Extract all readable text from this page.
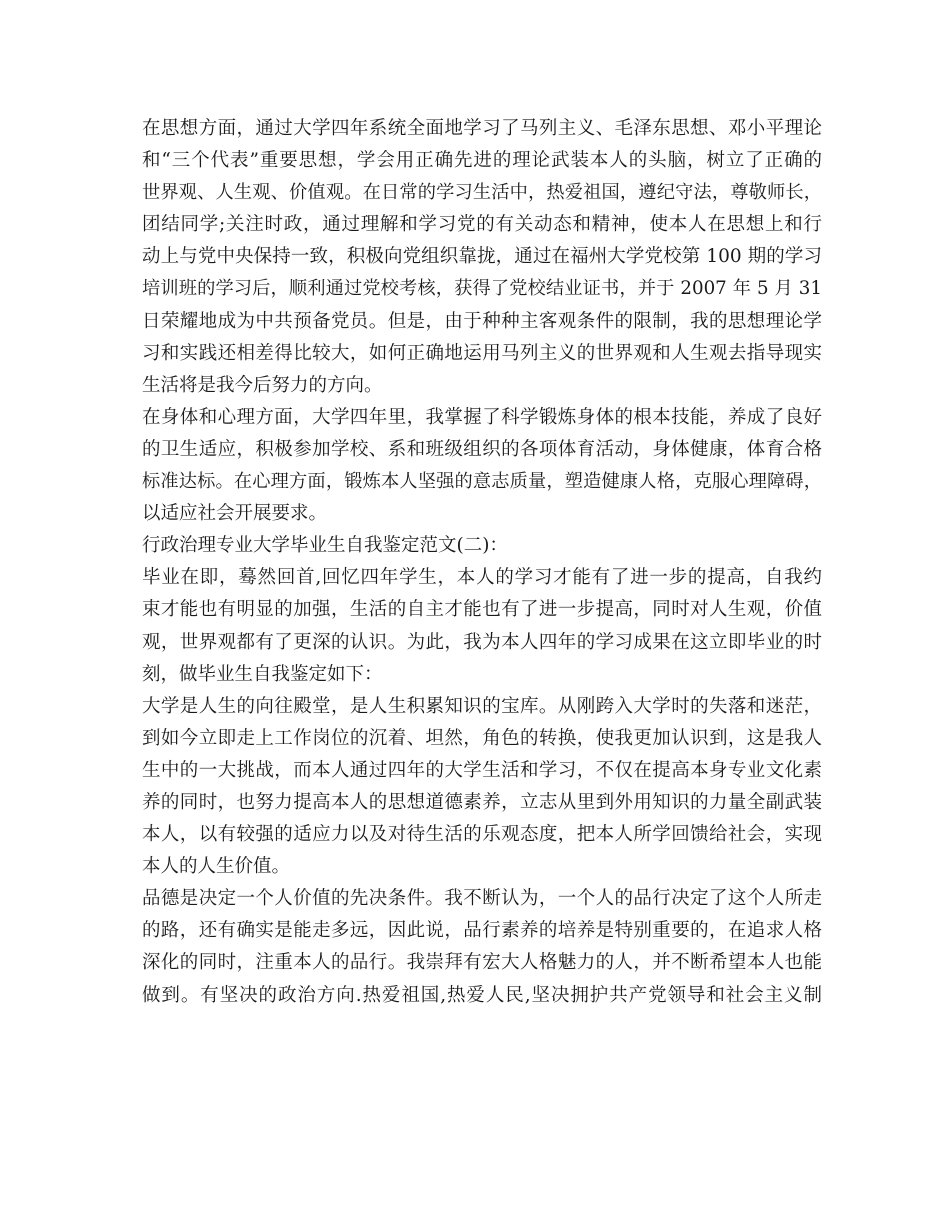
在思想方面，通过大学四年系统全面地学习了马列主义、毛泽东思想、邓小平理论
和“三个代表”重要思想，学会用正确先进的理论武装本人的头脑，树立了正确的
世界观、人生观、价值观。在日常的学习生活中，热爱祖国，遵纪守法，尊敬师长，
团结同学;关注时政，通过理解和学习党的有关动态和精神，使本人在思想上和行
动上与党中央保持一致，积极向党组织靠拢，通过在福州大学党校第 100 期的学习
培训班的学习后，顺利通过党校考核，获得了党校结业证书，并于 2007 年 5 月 31
日荣耀地成为中共预备党员。但是，由于种种主客观条件的限制，我的思想理论学
习和实践还相差得比较大，如何正确地运用马列主义的世界观和人生观去指导现实
生活将是我今后努力的方向。
在身体和心理方面，大学四年里，我掌握了科学锻炼身体的根本技能，养成了良好
的卫生适应，积极参加学校、系和班级组织的各项体育活动，身体健康，体育合格
标准达标。在心理方面，锻炼本人坚强的意志质量，塑造健康人格，克服心理障碍，
以适应社会开展要求。
行政治理专业大学毕业生自我鉴定范文(二)：
毕业在即，蓦然回首,回忆四年学生，本人的学习才能有了进一步的提高，自我约
束才能也有明显的加强，生活的自主才能也有了进一步提高，同时对人生观，价值
观，世界观都有了更深的认识。为此，我为本人四年的学习成果在这立即毕业的时
刻，做毕业生自我鉴定如下：
大学是人生的向往殿堂，是人生积累知识的宝库。从刚跨入大学时的失落和迷茫，
到如今立即走上工作岗位的沉着、坦然，角色的转换，使我更加认识到，这是我人
生中的一大挑战，而本人通过四年的大学生活和学习，不仅在提高本身专业文化素
养的同时，也努力提高本人的思想道德素养，立志从里到外用知识的力量全副武装
本人，以有较强的适应力以及对待生活的乐观态度，把本人所学回馈给社会，实现
本人的人生价值。
品德是决定一个人价值的先决条件。我不断认为，一个人的品行决定了这个人所走
的路，还有确实是能走多远，因此说，品行素养的培养是特别重要的，在追求人格
深化的同时，注重本人的品行。我崇拜有宏大人格魅力的人，并不断希望本人也能
做到。有坚决的政治方向.热爱祖国,热爱人民,坚决拥护共产党领导和社会主义制
